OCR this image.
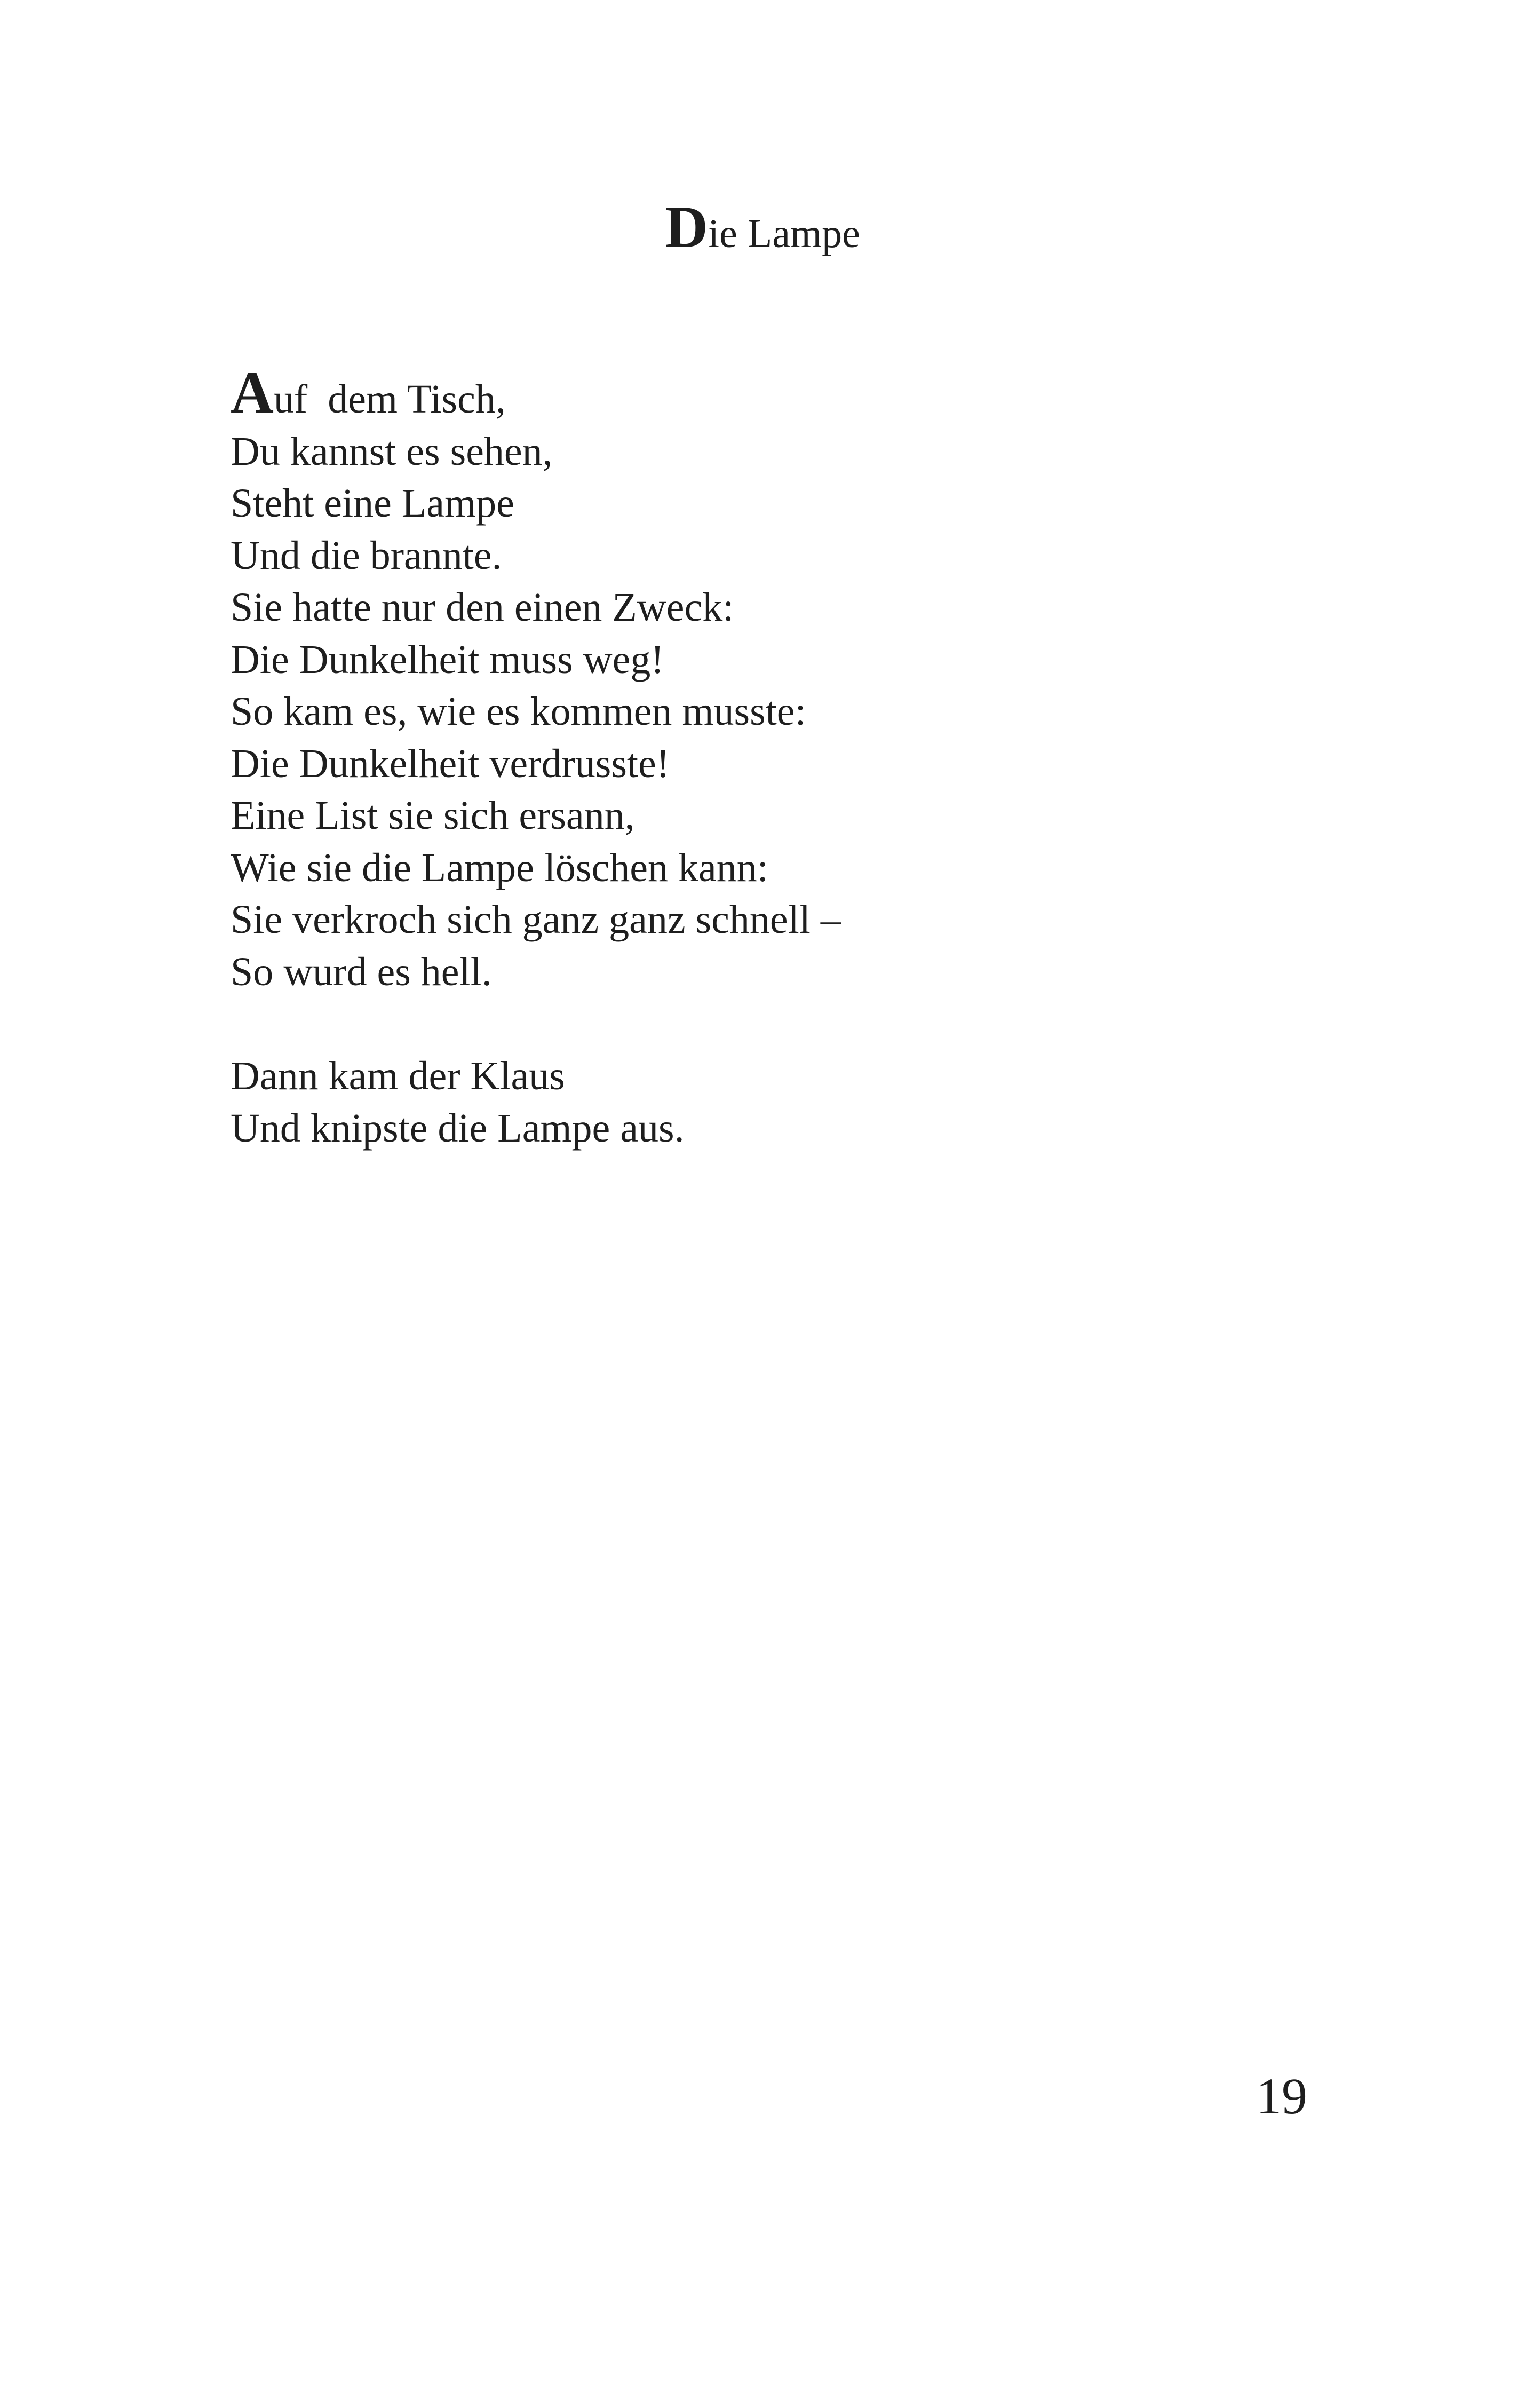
Die Lampe
Auf  dem Tisch,
Du kannst es sehen,
Steht eine Lampe
Und die brannte.
Sie hatte nur den einen Zweck:
Die Dunkelheit muss weg!
So kam es, wie es kommen musste:
Die Dunkelheit verdrusste!
Eine List sie sich ersann,
Wie sie die Lampe löschen kann:
Sie verkroch sich ganz ganz schnell –
So wurd es hell.
Dann kam der Klaus
Und knipste die Lampe aus.
19
